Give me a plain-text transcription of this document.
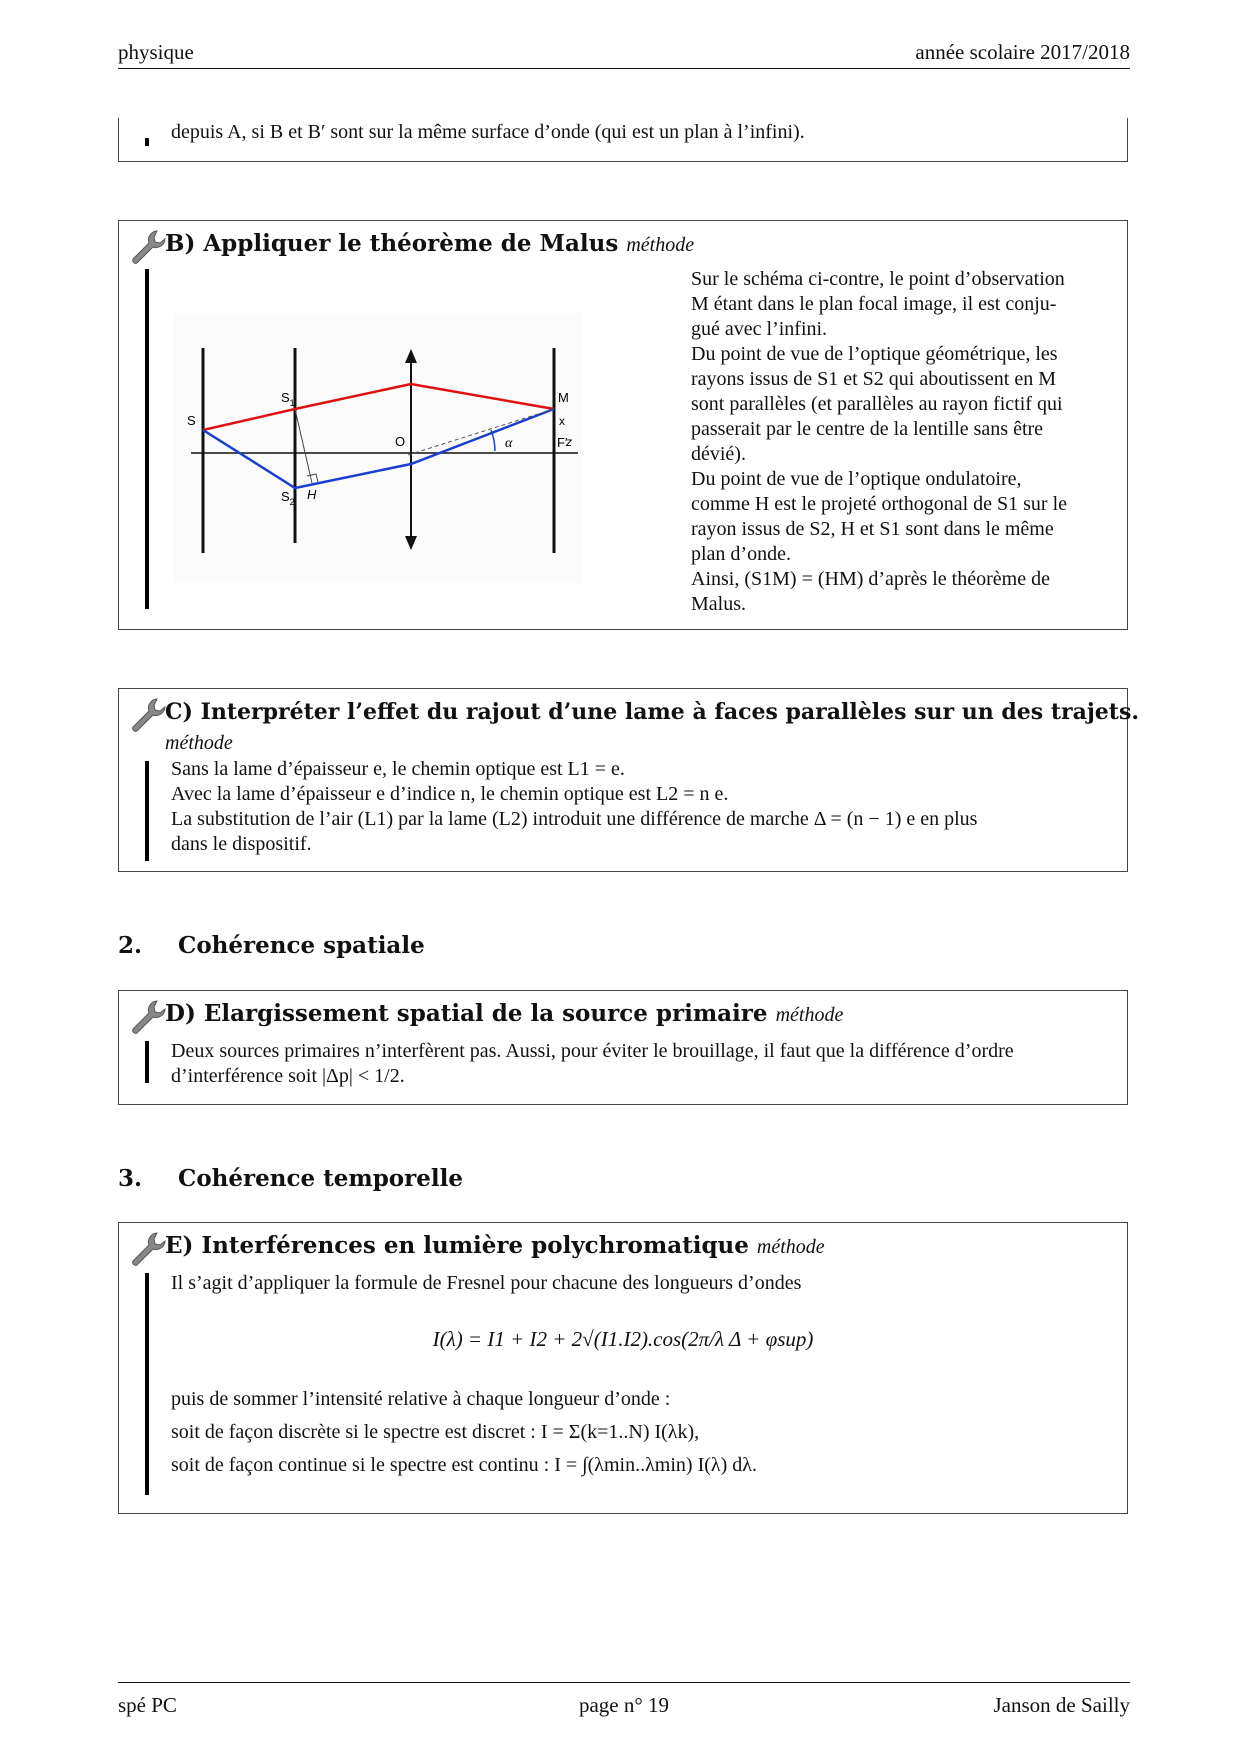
physique	année scolaire 2017/2018

depuis A, si B et B′ sont sur la même surface d’onde (qui est un plan à l’infini).

B) Appliquer le théorème de Malus méthode
S
$S_1$
$S_2$ H
O	α
M
x
F′
z

Sur le schéma ci-contre, le point d’observation

M étant dans le plan focal image, il est conju-

gué avec l’infini.

Du point de vue de l’optique géométrique, les

rayons issus de S1 et S2 qui aboutissent en M

sont parallèles (et parallèles au rayon fictif qui

passerait par le centre de la lentille sans être

dévié).

Du point de vue de l’optique ondulatoire,

comme H est le projeté orthogonal de S1 sur le

rayon issus de S2, H et S1 sont dans le même

plan d’onde.

Ainsi, (S1M) = (HM) d’après le théorème de

Malus.

C) Interpréter l’effet du rajout d’une lame à faces parallèles sur un des trajets.
méthode

Sans la lame d’épaisseur e, le chemin optique est L1 = e.

Avec la lame d’épaisseur e d’indice n, le chemin optique est L2 = n e.

La substitution de l’air (L1) par la lame (L2) introduit une différence de marche Δ = (n − 1) e en plus

dans le dispositif.

2. Cohérence spatiale
D) Elargissement spatial de la source primaire méthode

Deux sources primaires n’interfèrent pas. Aussi, pour éviter le brouillage, il faut que la différence d’ordre

d’interférence soit |Δp| < 1/2.

3. Cohérence temporelle
E) Interférences en lumière polychromatique méthode

Il s’agit d’appliquer la formule de Fresnel pour chacune des longueurs d’ondes

I(λ) = I1 + I2 + 2√(I1.I2).cos(2π/λ Δ + φsup)

puis de sommer l’intensité relative à chaque longueur d’onde :

soit de façon discrète si le spectre est discret : I = Σ(k=1..N) I(λk),

soit de façon continue si le spectre est continu : I = ∫(λmin..λmin) I(λ) dλ.

spé PC	page n° 19	Janson de Sailly
